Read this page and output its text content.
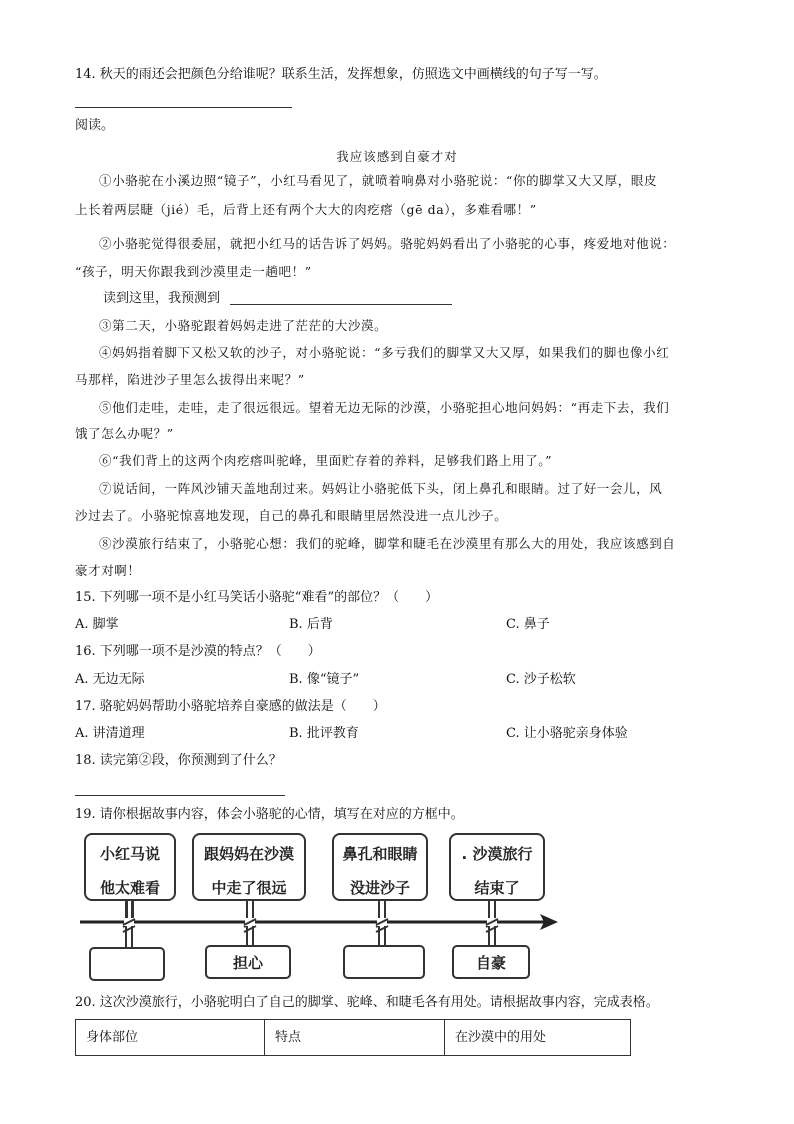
14. 秋天的雨还会把颜色分给谁呢？联系生活，发挥想象，仿照选文中画横线的句子写一写。
阅读。
我应该感到自豪才对
①小骆驼在小溪边照“镜子”，小红马看见了，就喷着响鼻对小骆驼说：“你的脚掌又大又厚，眼皮
上长着两层睫（jié）毛，后背上还有两个大大的肉疙瘩（gē da），多难看哪！”
②小骆驼觉得很委屈，就把小红马的话告诉了妈妈。骆驼妈妈看出了小骆驼的心事，疼爱地对他说：
“孩子，明天你跟我到沙漠里走一趟吧！”
读到这里，我预测到
③第二天，小骆驼跟着妈妈走进了茫茫的大沙漠。
④妈妈指着脚下又松又软的沙子，对小骆驼说：“多亏我们的脚掌又大又厚，如果我们的脚也像小红
马那样，陷进沙子里怎么拔得出来呢？”
⑤他们走哇，走哇，走了很远很远。望着无边无际的沙漠，小骆驼担心地问妈妈：“再走下去，我们
饿了怎么办呢？”
⑥“我们背上的这两个肉疙瘩叫驼峰，里面贮存着的养料，足够我们路上用了。”
⑦说话间，一阵风沙铺天盖地刮过来。妈妈让小骆驼低下头，闭上鼻孔和眼睛。过了好一会儿，风
沙过去了。小骆驼惊喜地发现，自己的鼻孔和眼睛里居然没进一点儿沙子。
⑧沙漠旅行结束了，小骆驼心想：我们的驼峰，脚掌和睫毛在沙漠里有那么大的用处，我应该感到自
豪才对啊！
15. 下列哪一项不是小红马笑话小骆驼“难看”的部位？（　　）
A. 脚掌	B. 后背	C. 鼻子
16. 下列哪一项不是沙漠的特点？（　　）
A. 无边无际	B. 像“镜子”	C. 沙子松软
17. 骆驼妈妈帮助小骆驼培养自豪感的做法是（　　）
A. 讲清道理	B. 批评教育	C. 让小骆驼亲身体验
18. 读完第②段，你预测到了什么？
19. 请你根据故事内容，体会小骆驼的心情，填写在对应的方框中。
小红马说
他太难看
跟妈妈在沙漠
中走了很远
鼻孔和眼睛
没进沙子
. 沙漠旅行
结束了
担心	自豪
20. 这次沙漠旅行，小骆驼明白了自己的脚掌、驼峰、和睫毛各有用处。请根据故事内容，完成表格。
身体部位	特点	在沙漠中的用处
